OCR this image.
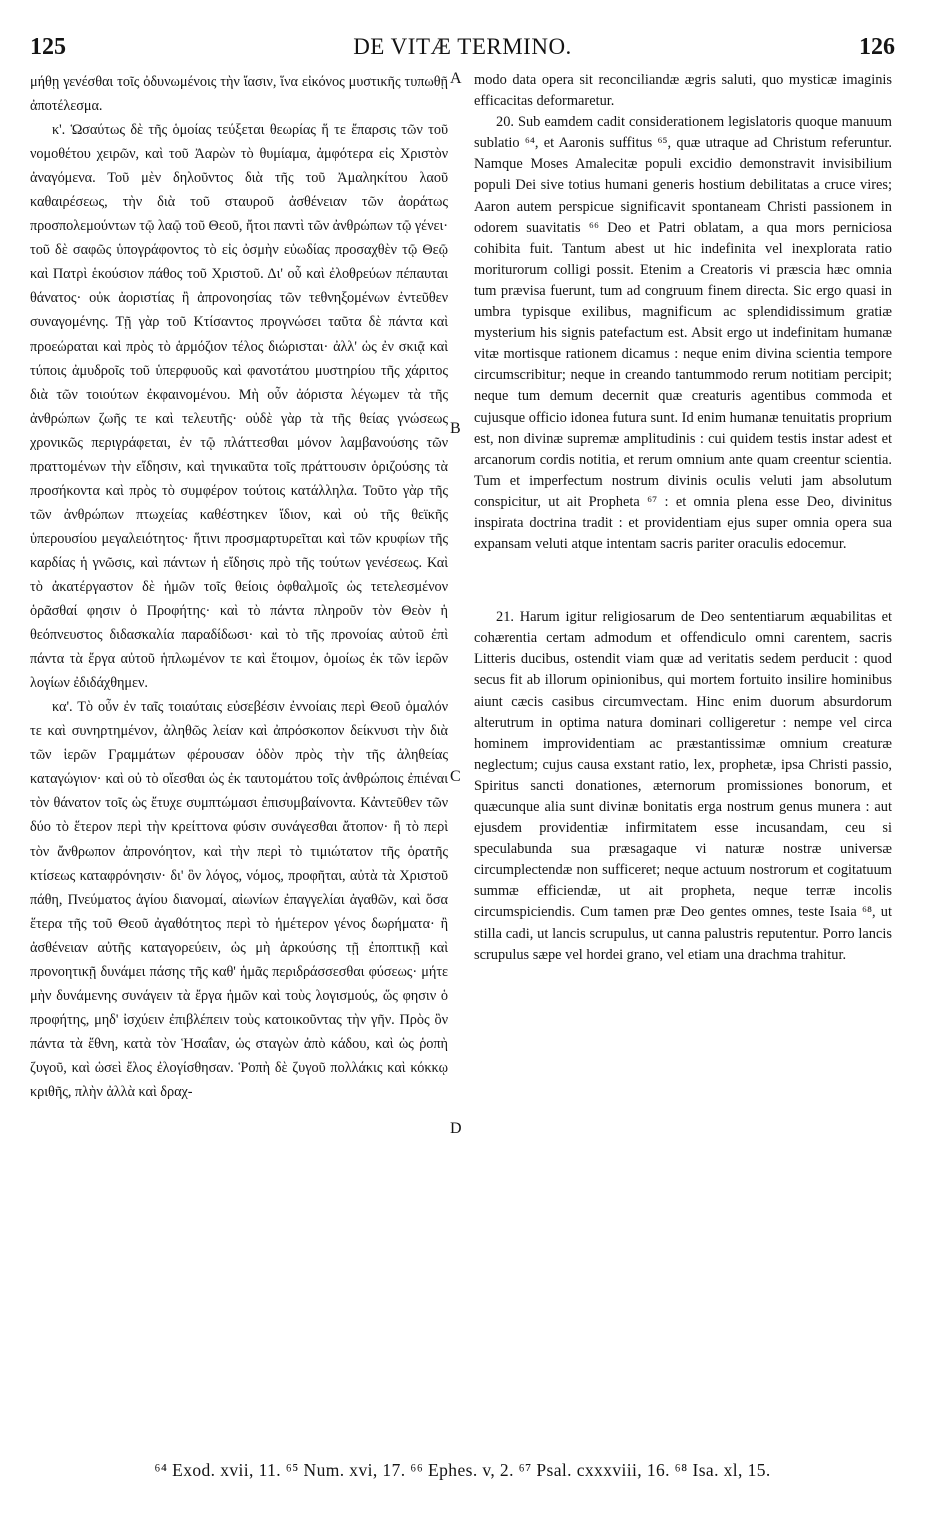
125	DE VITÆ TERMINO.	126

μήθῃ γενέσθαι τοῖς ὀδυνωμένοις τὴν ἴασιν, ἵνα εἰκόνος μυστικῆς τυπωθῇ ἀποτέλεσμα.

κ'. Ὡσαύτως δὲ τῆς ὁμοίας τεύξεται θεωρίας ἥ τε ἔπαρσις τῶν τοῦ νομοθέτου χειρῶν, καὶ τοῦ Ἀαρὼν τὸ θυμίαμα, ἀμφότερα εἰς Χριστὸν ἀναγόμενα. Τοῦ μὲν δηλοῦντος διὰ τῆς τοῦ Ἀμαληκίτου λαοῦ καθαιρέσεως, τὴν διὰ τοῦ σταυροῦ ἀσθένειαν τῶν ἀοράτως προσπολεμούντων τῷ λαῷ τοῦ Θεοῦ, ἤτοι παντὶ τῶν ἀνθρώπων τῷ γένει· τοῦ δὲ σαφῶς ὑπογράφοντος τὸ εἰς ὀσμὴν εὐωδίας προσαχθὲν τῷ Θεῷ καὶ Πατρὶ ἑκούσιον πάθος τοῦ Χριστοῦ. Δι' οὗ καὶ ἐλοθρεύων πέπαυται θάνατος· οὐκ ἀοριστίας ἢ ἀπρονοησίας τῶν τεθνηξομένων ἐντεῦθεν συναγομένης. Τῇ γὰρ τοῦ Κτίσαντος προγνώσει ταῦτα δὲ πάντα καὶ προεώραται καὶ πρὸς τὸ ἁρμόζιον τέλος διώρισται· ἀλλ' ὡς ἐν σκιᾷ καὶ τύποις ἀμυδροῖς τοῦ ὑπερφυοῦς καὶ φανοτάτου μυστηρίου τῆς χάριτος διὰ τῶν τοιούτων ἐκφαινομένου. Μὴ οὖν ἀόριστα λέγωμεν τὰ τῆς ἀνθρώπων ζωῆς τε καὶ τελευτῆς· οὐδὲ γὰρ τὰ τῆς θείας γνώσεως χρονικῶς περιγράφεται, ἐν τῷ πλάττεσθαι μόνον λαμβανούσης τῶν πραττομένων τὴν εἴδησιν, καὶ τηνικαῦτα τοῖς πράττουσιν ὁριζούσης τὰ προσήκοντα καὶ πρὸς τὸ συμφέρον τούτοις κατάλληλα. Τοῦτο γὰρ τῆς τῶν ἀνθρώπων πτωχείας καθέστηκεν ἴδιον, καὶ οὐ τῆς θεϊκῆς ὑπερουσίου μεγαλειότητος· ἥτινι προσμαρτυρεῖται καὶ τῶν κρυφίων τῆς καρδίας ἡ γνῶσις, καὶ πάντων ἡ εἴδησις πρὸ τῆς τούτων γενέσεως. Καὶ τὸ ἀκατέργαστον δὲ ἡμῶν τοῖς θείοις ὀφθαλμοῖς ὡς τετελεσμένον ὁρᾶσθαί φησιν ὁ Προφήτης· καὶ τὸ πάντα πληροῦν τὸν Θεὸν ἡ θεόπνευστος διδασκαλία παραδίδωσι· καὶ τὸ τῆς προνοίας αὐτοῦ ἐπὶ πάντα τὰ ἔργα αὐτοῦ ἡπλωμένον τε καὶ ἕτοιμον, ὁμοίως ἐκ τῶν ἱερῶν λογίων ἐδιδάχθημεν.

κα'. Τὸ οὖν ἐν ταῖς τοιαύταις εὐσεβέσιν ἐννοίαις περὶ Θεοῦ ὁμαλόν τε καὶ συνηρτημένον, ἀληθῶς λείαν καὶ ἀπρόσκοπον δείκνυσι τὴν διὰ τῶν ἱερῶν Γραμμάτων φέρουσαν ὁδὸν πρὸς τὴν τῆς ἀληθείας καταγώγιον· καὶ οὐ τὸ οἴεσθαι ὡς ἐκ ταυτομάτου τοῖς ἀνθρώποις ἐπιέναι τὸν θάνατον τοῖς ὡς ἔτυχε συμπτώμασι ἐπισυμβαίνοντα. Κἀντεῦθεν τῶν δύο τὸ ἕτερον περὶ τὴν κρείττονα φύσιν συνάγεσθαι ἄτοπον· ἢ τὸ περὶ τὸν ἄνθρωπον ἀπρονόητον, καὶ τὴν περὶ τὸ τιμιώτατον τῆς ὁρατῆς κτίσεως καταφρόνησιν· δι' ὃν λόγος, νόμος, προφῆται, αὐτὰ τὰ Χριστοῦ πάθη, Πνεύματος ἁγίου διανομαί, αἰωνίων ἐπαγγελίαι ἀγαθῶν, καὶ ὅσα ἕτερα τῆς τοῦ Θεοῦ ἀγαθότητος περὶ τὸ ἡμέτερον γένος δωρήματα· ἢ ἀσθένειαν αὐτῆς καταγορεύειν, ὡς μὴ ἀρκούσης τῇ ἐποπτικῇ καὶ προνοητικῇ δυνάμει πάσης τῆς καθ' ἡμᾶς περιδράσσεσθαι φύσεως· μήτε μὴν δυνάμενης συνάγειν τὰ ἔργα ἡμῶν καὶ τοὺς λογισμούς, ὥς φησιν ὁ προφήτης, μηδ' ἰσχύειν ἐπιβλέπειν τοὺς κατοικοῦντας τὴν γῆν. Πρὸς ὃν πάντα τὰ ἔθνη, κατὰ τὸν Ἡσαΐαν, ὡς σταγὼν ἀπὸ κάδου, καὶ ὡς ῥοπὴ ζυγοῦ, καὶ ὡσεὶ ἔλος ἐλογίσθησαν. Ῥοπὴ δὲ ζυγοῦ πολλάκις καὶ κόκκῳ κριθῆς, πλὴν ἀλλὰ καὶ δραχ-

A
B
C
D

modo data opera sit reconciliandæ ægris saluti, quo mysticæ imaginis efficacitas deformaretur.

20. Sub eamdem cadit considerationem legislatoris quoque manuum sublatio ⁶⁴, et Aaronis suffitus ⁶⁵, quæ utraque ad Christum referuntur. Namque Moses Amalecitæ populi excidio demonstravit invisibilium populi Dei sive totius humani generis hostium debilitatas a cruce vires; Aaron autem perspicue significavit spontaneam Christi passionem in odorem suavitatis ⁶⁶ Deo et Patri oblatam, a qua mors perniciosa cohibita fuit. Tantum abest ut hic indefinita vel inexplorata ratio moriturorum colligi possit. Etenim a Creatoris vi præscia hæc omnia tum prævisa fuerunt, tum ad congruum finem directa. Sic ergo quasi in umbra typisque exilibus, magnificum ac splendidissimum gratiæ mysterium his signis patefactum est. Absit ergo ut indefinitam humanæ vitæ mortisque rationem dicamus : neque enim divina scientia tempore circumscribitur; neque in creando tantummodo rerum notitiam percipit; neque tum demum decernit quæ creaturis agentibus commoda et cujusque officio idonea futura sunt. Id enim humanæ tenuitatis proprium est, non divinæ supremæ amplitudinis : cui quidem testis instar adest et arcanorum cordis notitia, et rerum omnium ante quam creentur scientia. Tum et imperfectum nostrum divinis oculis veluti jam absolutum conspicitur, ut ait Propheta ⁶⁷ : et omnia plena esse Deo, divinitus inspirata doctrina tradit : et providentiam ejus super omnia opera sua expansam veluti atque intentam sacris pariter oraculis edocemur.

21. Harum igitur religiosarum de Deo sententiarum æquabilitas et cohærentia certam admodum et offendiculo omni carentem, sacris Litteris ducibus, ostendit viam quæ ad veritatis sedem perducit : quod secus fit ab illorum opinionibus, qui mortem fortuito insilire hominibus aiunt cæcis casibus circumvectam. Hinc enim duorum absurdorum alterutrum in optima natura dominari colligeretur : nempe vel circa hominem improvidentiam ac præstantissimæ omnium creaturæ neglectum; cujus causa exstant ratio, lex, prophetæ, ipsa Christi passio, Spiritus sancti donationes, æternorum promissiones bonorum, et quæcunque alia sunt divinæ bonitatis erga nostrum genus munera : aut ejusdem providentiæ infirmitatem esse incusandam, ceu si speculabunda sua præsagaque vi naturæ nostræ universæ circumplectendæ non sufficeret; neque actuum nostrorum et cogitatuum summæ efficiendæ, ut ait propheta, neque terræ incolis circumspiciendis. Cum tamen præ Deo gentes omnes, teste Isaia ⁶⁸, ut stilla cadi, ut lancis scrupulus, ut canna palustris reputentur. Porro lancis scrupulus sæpe vel hordei grano, vel etiam una drachma trahitur.

⁶⁴ Exod. xvii, 11. ⁶⁵ Num. xvi, 17. ⁶⁶ Ephes. v, 2. ⁶⁷ Psal. cxxxviii, 16. ⁶⁸ Isa. xl, 15.
